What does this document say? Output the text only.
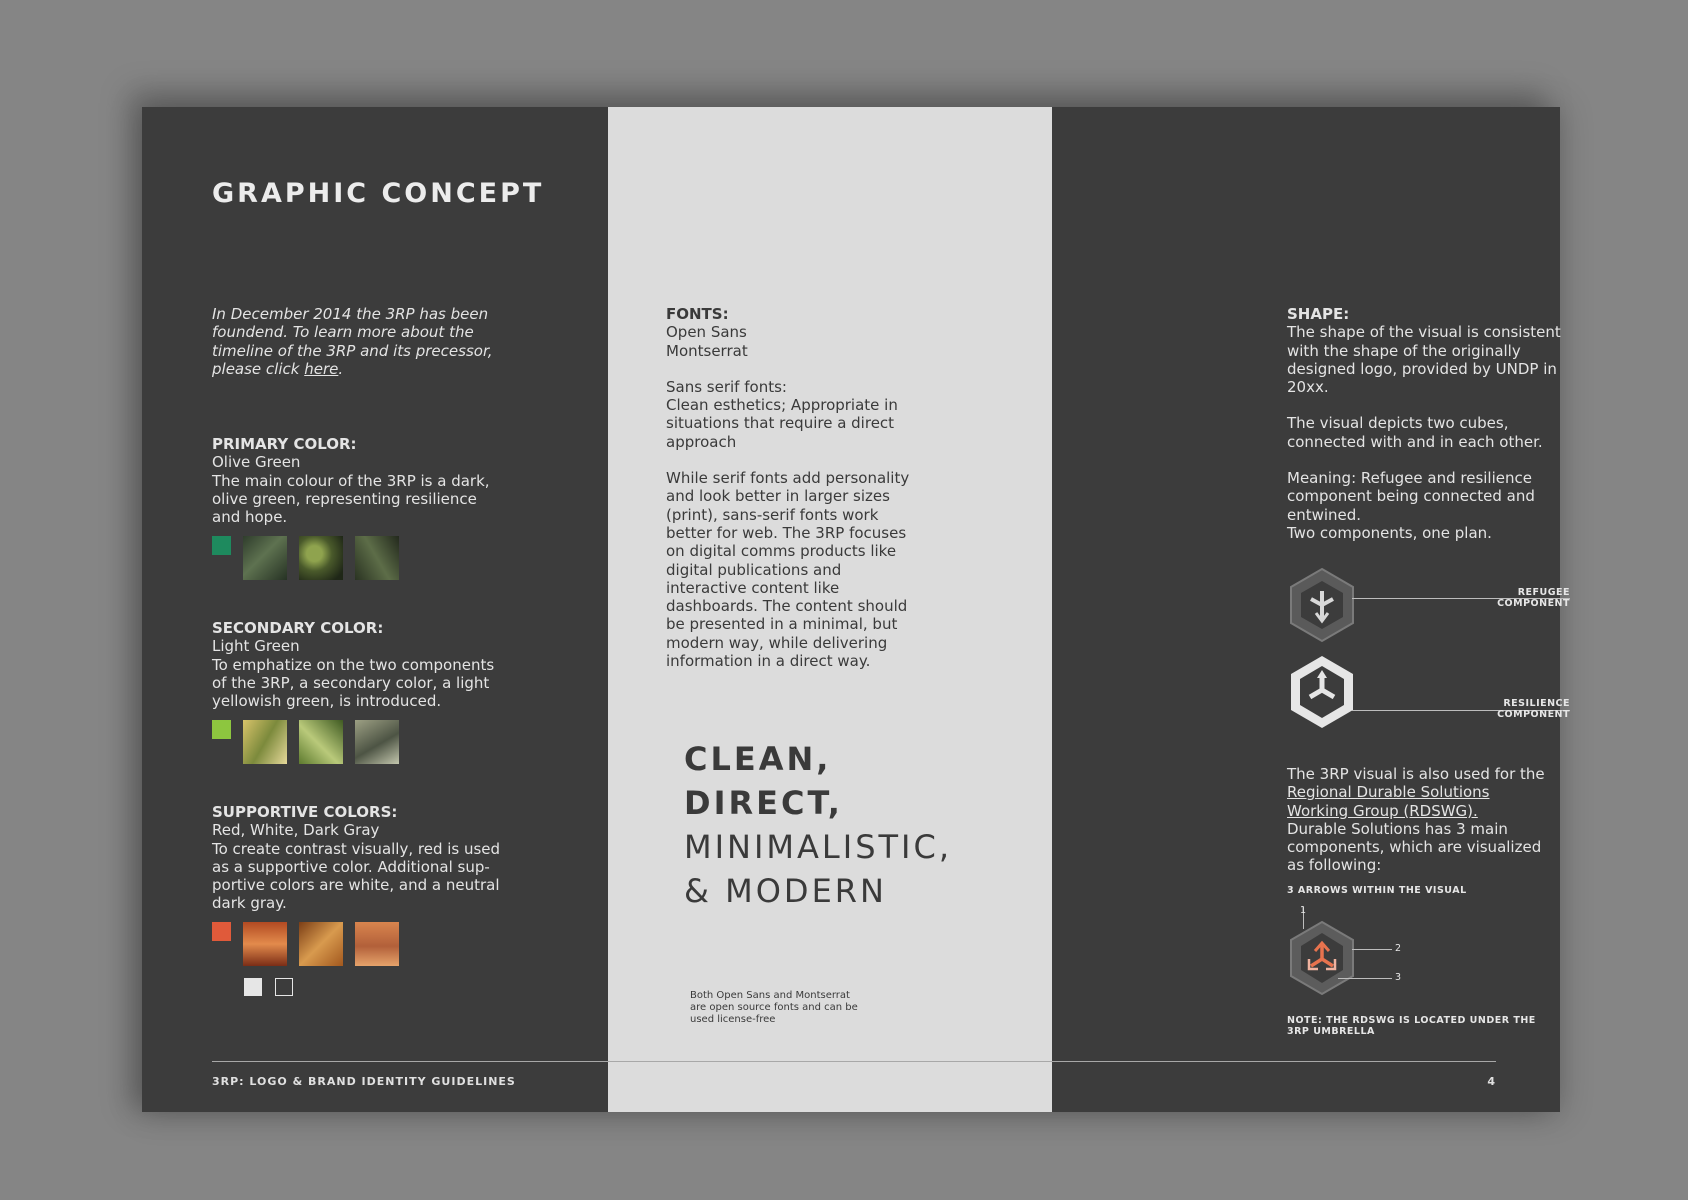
GRAPHIC CONCEPT
In December 2014 the 3RP has been foundend. To learn more about the timeline of the 3RP and its precessor, please click here.
PRIMARY COLOR:
Olive Green
The main colour of the 3RP is a dark, olive green, representing resilience and hope.
SECONDARY COLOR:
Light Green
To emphatize on the two components of the 3RP, a secondary color, a light yellowish green, is introduced.
SUPPORTIVE COLORS:
Red, White, Dark Gray
To create contrast visually, red is used as a supportive color. Additional sup-portive colors are white, and a neutral dark gray.
3RP: LOGO & BRAND IDENTITY GUIDELINES
FONTS:
Open Sans
Montserrat
Sans serif fonts:
Clean esthetics; Appropriate in situations that require a direct approach
While serif fonts add personality and look better in larger sizes (print), sans-serif fonts work better for web. The 3RP focuses on digital comms products like digital publications and interactive content like dashboards. The content should be presented in a minimal, but modern way, while delivering information in a direct way.
CLEAN,
DIRECT,
MINIMALISTIC,
& MODERN
Both Open Sans and Montserrat are open source fonts and can be used license-free
SHAPE:
The shape of the visual is consistent with the shape of the originally designed logo, provided by UNDP in 20xx.
The visual depicts two cubes, connected with and in each other.
Meaning: Refugee and resilience component being connected and entwined.
Two components, one plan.
REFUGEE COMPONENT
RESILIENCE COMPONENT
The 3RP visual is also used for the
Regional Durable Solutions Working Group (RDSWG).
Durable Solutions has 3 main components, which are visualized as following:
3 ARROWS WITHIN THE VISUAL
1
2
3
NOTE: THE RDSWG IS LOCATED UNDER THE 3RP UMBRELLA
4
